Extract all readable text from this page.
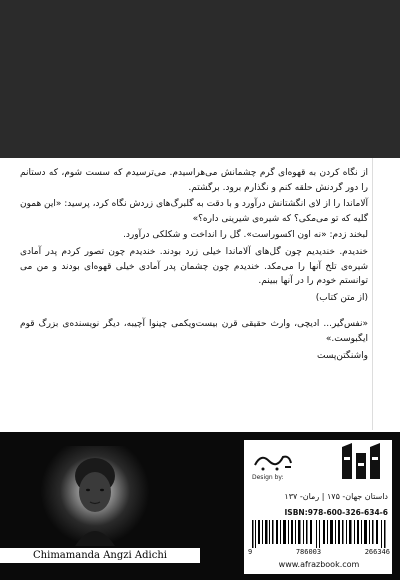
از نگاه کردن به قهوه‌ای گرم چشمانش می‌هراسیدم. می‌ترسیدم که سست شوم، که دستانم را دور گردنش حلقه کنم و نگذارم برود. برگشتم.

آلاماندا را از لای انگشتانش درآورد و با دقت به گلبرگ‌های زردش نگاه کرد، پرسید: «این همون گلیه که تو می‌مکی؟ که شیره‌ی شیرینی داره؟»

لبخند زدم: «نه اون اکسوراست». گل را انداخت و شکلکی درآورد.

خندیدم. خندیدیم چون گل‌های آلاماندا خیلی زرد بودند. خندیدم چون تصور کردم پدر آمادی شیره‌ی تلخ آنها را می‌مکد. خندیدم چون چشمان پدر آمادی خیلی قهوه‌ای بودند و من می توانستم خودم را در آنها ببینم.

(از متن کتاب)

«نفس‌گیر... ادیچی، وارث حقیقی قرن بیست‌ویکمی چینوا آچیبه، دیگر نویسنده‌ی بزرگ قوم ایگبوست.»

واشنگتن‌پست

Chimamanda Angzi Adichi
Design by:
داستان جهان- ۱۷۵ | رمان- ۱۳۷
ISBN:978-600-326-634-6
9	786003	266346
www.afrazbook.com
